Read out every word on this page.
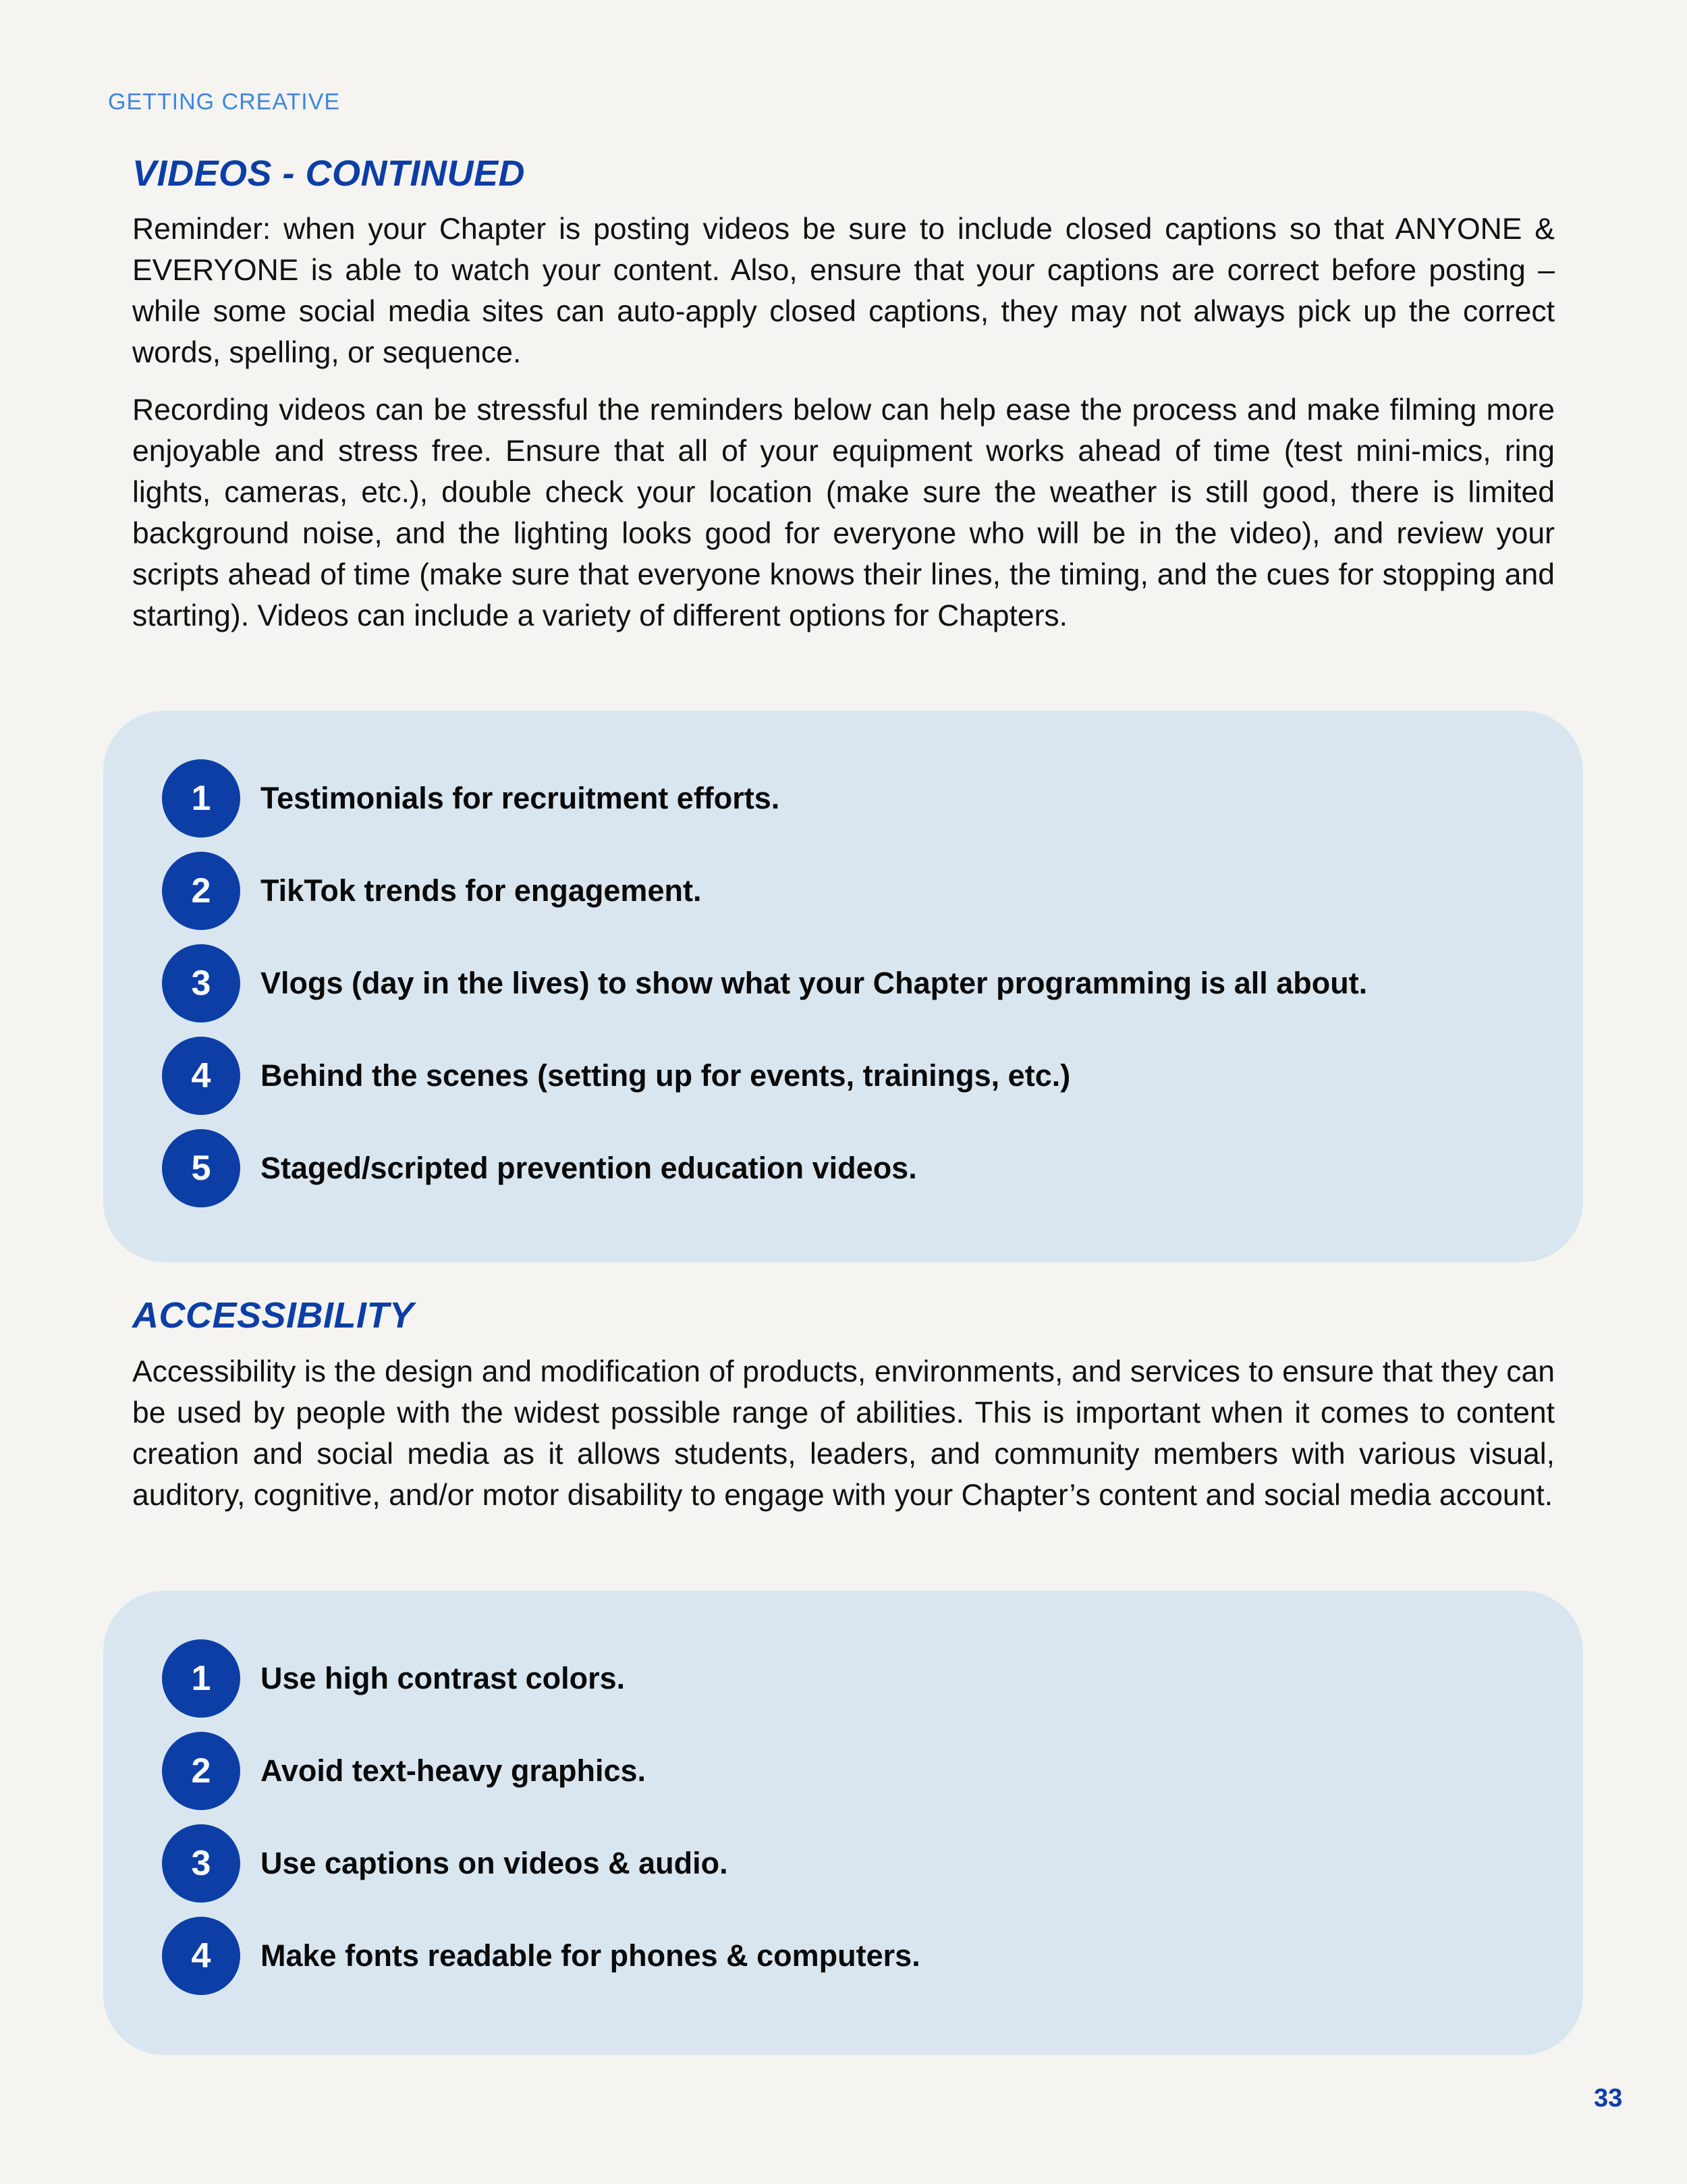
GETTING CREATIVE
VIDEOS - CONTINUED

Reminder: when your Chapter is posting videos be sure to include closed captions so that ANYONE & EVERYONE is able to watch your content. Also, ensure that your captions are correct before posting – while some social media sites can auto-apply closed captions, they may not always pick up the correct words, spelling, or sequence.

Recording videos can be stressful the reminders below can help ease the process and make filming more enjoyable and stress free. Ensure that all of your equipment works ahead of time (test mini-mics, ring lights, cameras, etc.), double check your location (make sure the weather is still good, there is limited background noise, and the lighting looks good for everyone who will be in the video), and review your scripts ahead of time (make sure that everyone knows their lines, the timing, and the cues for stopping and starting). Videos can include a variety of different options for Chapters.

1	Testimonials for recruitment efforts.
2	TikTok trends for engagement.
3	Vlogs (day in the lives) to show what your Chapter programming is all about.
4	Behind the scenes (setting up for events, trainings, etc.)
5	Staged/scripted prevention education videos.
ACCESSIBILITY

Accessibility is the design and modification of products, environments, and services to ensure that they can be used by people with the widest possible range of abilities. This is important when it comes to content creation and social media as it allows students, leaders, and community members with various visual, auditory, cognitive, and/or motor disability to engage with your Chapter’s content and social media account.

1	Use high contrast colors.
2	Avoid text-heavy graphics.
3	Use captions on videos & audio.
4	Make fonts readable for phones & computers.
33
